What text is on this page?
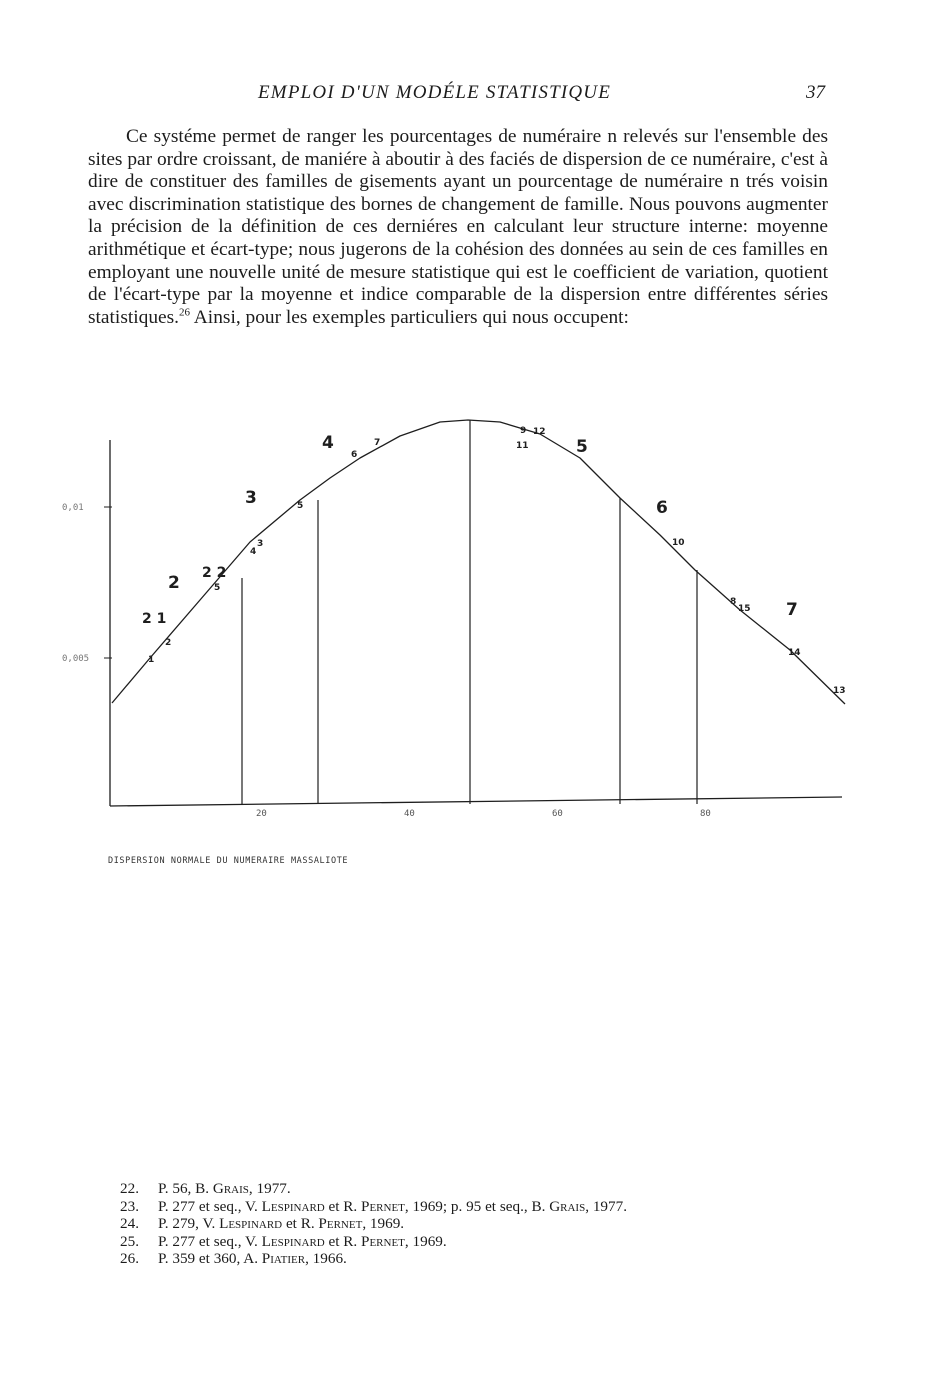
EMPLOI D'UN MODÉLE STATISTIQUE	37

Ce systéme permet de ranger les pourcentages de numéraire n relevés sur l'ensemble des sites par ordre croissant, de maniére à aboutir à des faciés de dispersion de ce numéraire, c'est à dire de constituer des familles de gisements ayant un pourcentage de numéraire n trés voisin avec discrimination statistique des bornes de changement de famille. Nous pouvons augmenter la précision de la définition de ces derniéres en calculant leur structure interne: moyenne arithmétique et écart-type; nous jugerons de la cohésion des données au sein de ces familles en employant une nouvelle unité de mesure statistique qui est le coefficient de variation, quotient de l'écart-type par la moyenne et indice comparable de la dispersion entre différentes séries statistiques.$^{26}$ Ainsi, pour les exemples particuliers qui nous occupent:

0,01
0,005
20	40	60	80
2 1
2 2 2
3
4	5
6
7
1
2
5
4
3
5
6
7
9 12
11
10
8
15
14
13
DISPERSION NORMALE DU NUMERAIRE MASSALIOTE
22. P. 56, B. Grais, 1977.
23. P. 277 et seq., V. Lespinard et R. Pernet, 1969; p. 95 et seq., B. Grais, 1977.
24. P. 279, V. Lespinard et R. Pernet, 1969.
25. P. 277 et seq., V. Lespinard et R. Pernet, 1969.
26. P. 359 et 360, A. Piatier, 1966.
